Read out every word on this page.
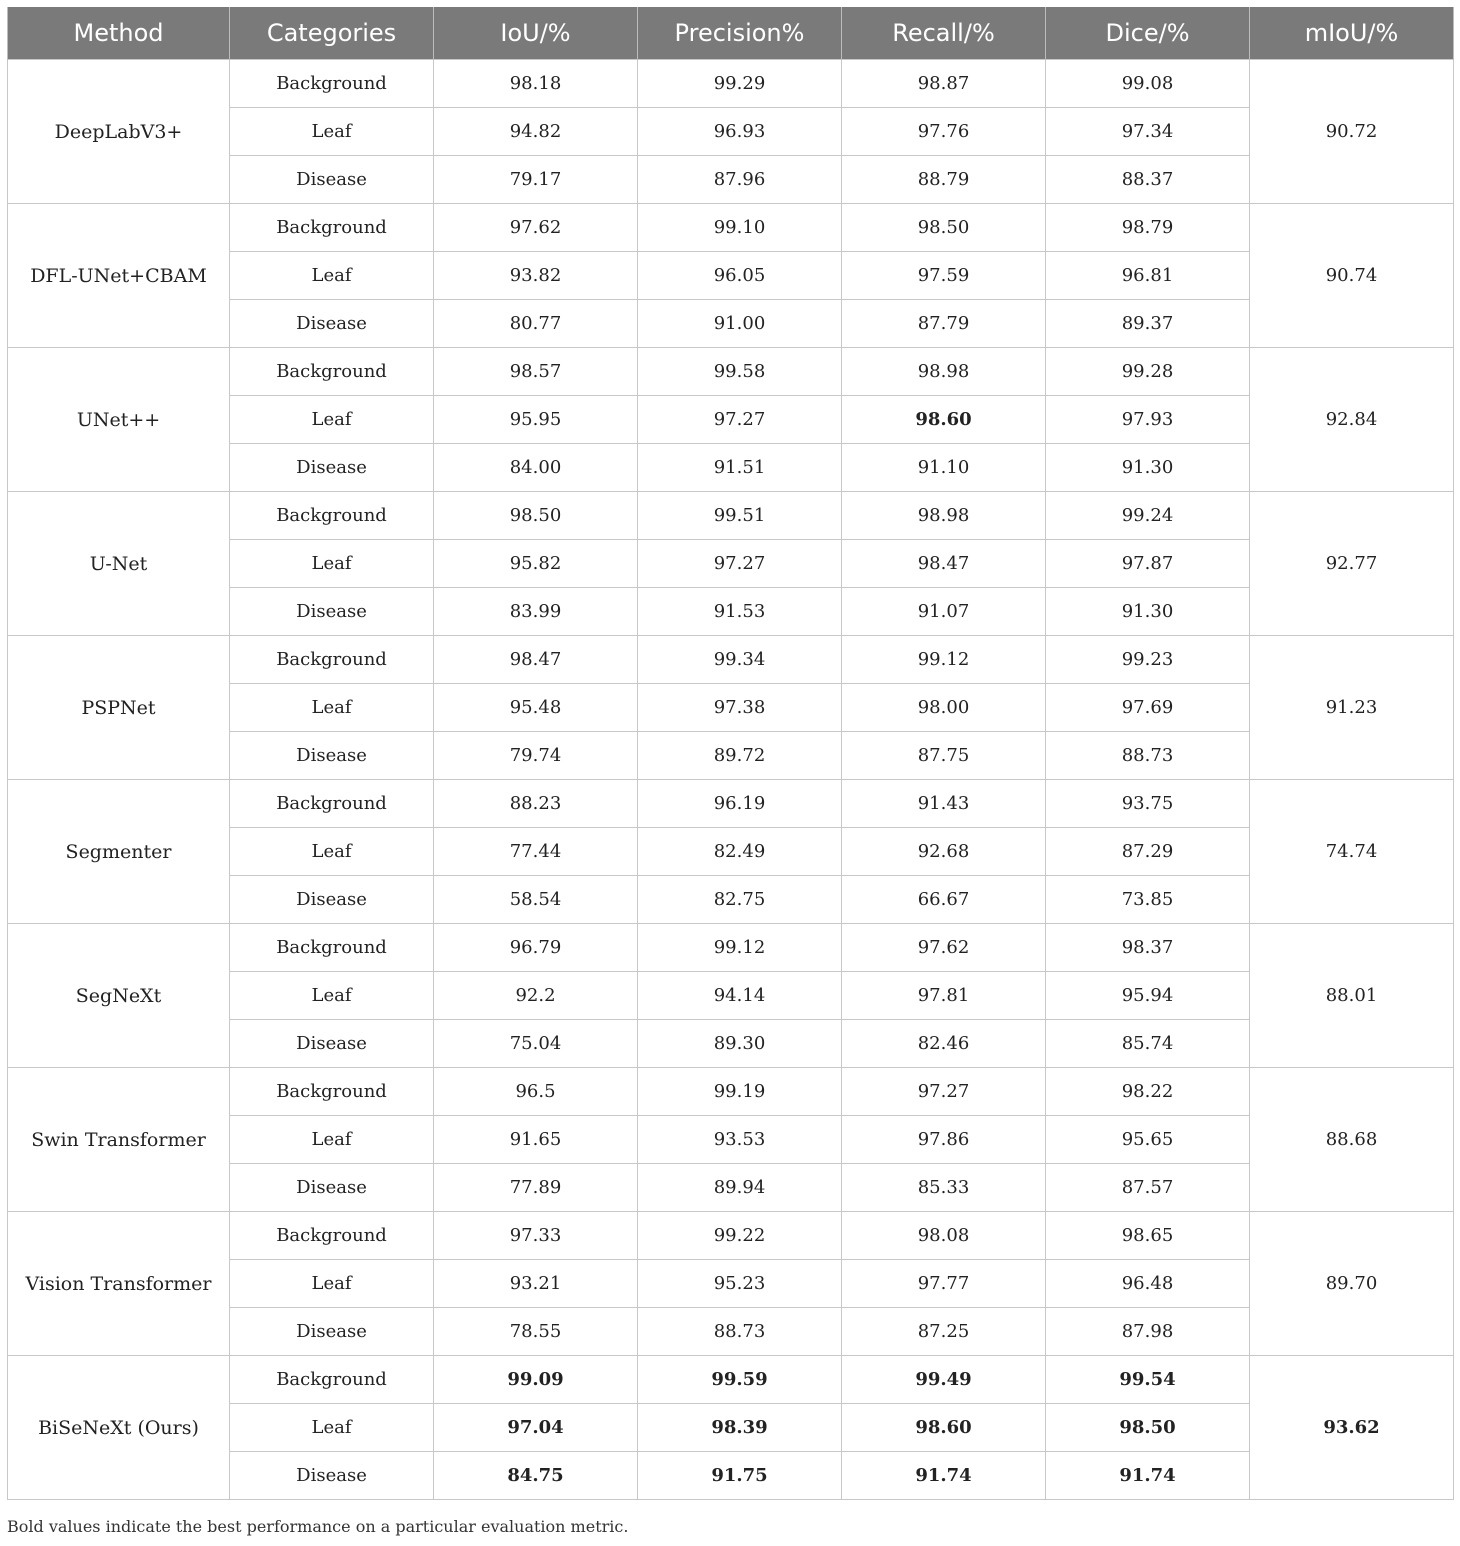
Method	Categories	IoU/%	Precision%	Recall/%	Dice/%	mIoU/%
DeepLabV3+	Background	98.18	99.29	98.87	99.08	90.72
	Leaf	94.82	96.93	97.76	97.34	
	Disease	79.17	87.96	88.79	88.37	
DFL-UNet+CBAM	Background	97.62	99.10	98.50	98.79	90.74
	Leaf	93.82	96.05	97.59	96.81	
	Disease	80.77	91.00	87.79	89.37	
UNet++	Background	98.57	99.58	98.98	99.28	92.84
	Leaf	95.95	97.27	98.60	97.93	
	Disease	84.00	91.51	91.10	91.30	
U-Net	Background	98.50	99.51	98.98	99.24	92.77
	Leaf	95.82	97.27	98.47	97.87	
	Disease	83.99	91.53	91.07	91.30	
PSPNet	Background	98.47	99.34	99.12	99.23	91.23
	Leaf	95.48	97.38	98.00	97.69	
	Disease	79.74	89.72	87.75	88.73	
Segmenter	Background	88.23	96.19	91.43	93.75	74.74
	Leaf	77.44	82.49	92.68	87.29	
	Disease	58.54	82.75	66.67	73.85	
SegNeXt	Background	96.79	99.12	97.62	98.37	88.01
	Leaf	92.2	94.14	97.81	95.94	
	Disease	75.04	89.30	82.46	85.74	
Swin Transformer	Background	96.5	99.19	97.27	98.22	88.68
	Leaf	91.65	93.53	97.86	95.65	
	Disease	77.89	89.94	85.33	87.57	
Vision Transformer	Background	97.33	99.22	98.08	98.65	89.70
	Leaf	93.21	95.23	97.77	96.48	
	Disease	78.55	88.73	87.25	87.98	
BiSeNeXt (Ours)	Background	99.09	99.59	99.49	99.54	93.62
	Leaf	97.04	98.39	98.60	98.50	
	Disease	84.75	91.75	91.74	91.74	

Bold values indicate the best performance on a particular evaluation metric.
